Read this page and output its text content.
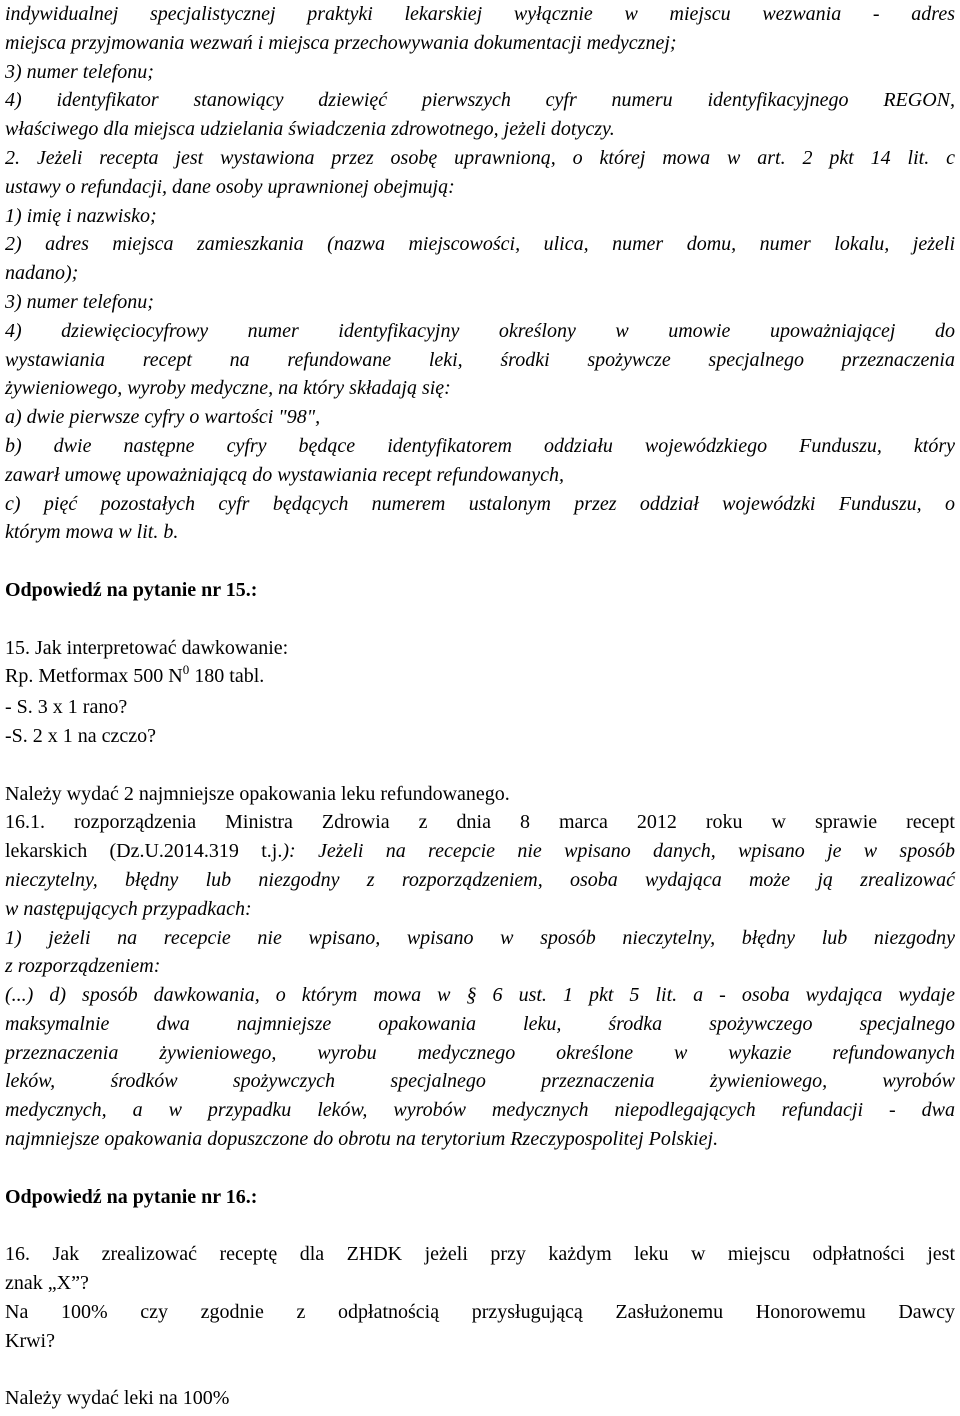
indywidualnej specjalistycznej praktyki lekarskiej wyłącznie w miejscu wezwania - adres
miejsca przyjmowania wezwań i miejsca przechowywania dokumentacji medycznej;
3) numer telefonu;
4) identyfikator stanowiący dziewięć pierwszych cyfr numeru identyfikacyjnego REGON,
właściwego dla miejsca udzielania świadczenia zdrowotnego, jeżeli dotyczy.
2. Jeżeli recepta jest wystawiona przez osobę uprawnioną, o której mowa w art. 2 pkt 14 lit. c
ustawy o refundacji, dane osoby uprawnionej obejmują:
1) imię i nazwisko;
2) adres miejsca zamieszkania (nazwa miejscowości, ulica, numer domu, numer lokalu, jeżeli
nadano);
3) numer telefonu;
4) dziewięciocyfrowy numer identyfikacyjny określony w umowie upoważniającej do
wystawiania recept na refundowane leki, środki spożywcze specjalnego przeznaczenia
żywieniowego, wyroby medyczne, na który składają się:
a) dwie pierwsze cyfry o wartości "98",
b) dwie następne cyfry będące identyfikatorem oddziału wojewódzkiego Funduszu, który
zawarł umowę upoważniającą do wystawiania recept refundowanych,
c) pięć pozostałych cyfr będących numerem ustalonym przez oddział wojewódzki Funduszu, o
którym mowa w lit. b.
Odpowiedź na pytanie nr 15.:
15. Jak interpretować dawkowanie:
Rp. Metformax 500 $N^0$ 180 tabl.
- S. 3 x 1 rano?
-S. 2 x 1 na czczo?
Należy wydać 2 najmniejsze opakowania leku refundowanego.
16.1. rozporządzenia Ministra Zdrowia z dnia 8 marca 2012 roku w sprawie recept
lekarskich (Dz.U.2014.319 t.j.): Jeżeli na recepcie nie wpisano danych, wpisano je w sposób
nieczytelny, błędny lub niezgodny z rozporządzeniem, osoba wydająca może ją zrealizować
w następujących przypadkach:
1) jeżeli na recepcie nie wpisano, wpisano w sposób nieczytelny, błędny lub niezgodny
z rozporządzeniem:
(...) d) sposób dawkowania, o którym mowa w § 6 ust. 1 pkt 5 lit. a - osoba wydająca wydaje
maksymalnie dwa najmniejsze opakowania leku, środka spożywczego specjalnego
przeznaczenia żywieniowego, wyrobu medycznego określone w wykazie refundowanych
leków, środków spożywczych specjalnego przeznaczenia żywieniowego, wyrobów
medycznych, a w przypadku leków, wyrobów medycznych niepodlegających refundacji - dwa
najmniejsze opakowania dopuszczone do obrotu na terytorium Rzeczypospolitej Polskiej.
Odpowiedź na pytanie nr 16.:
16. Jak zrealizować receptę dla ZHDK jeżeli przy każdym leku w miejscu odpłatności jest
znak „X”?
Na 100% czy zgodnie z odpłatnością przysługującą Zasłużonemu Honorowemu Dawcy
Krwi?
Należy wydać leki na 100%
